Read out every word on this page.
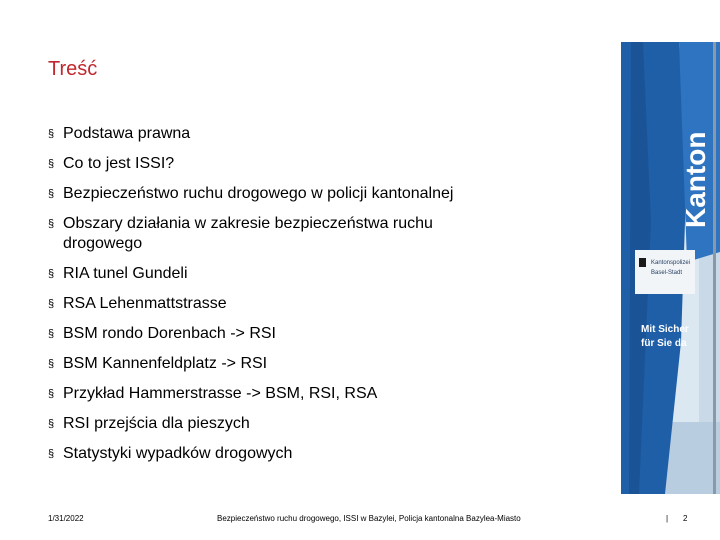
Treść
§ Podstawa prawna
§ Co to jest ISSI?
§ Bezpieczeństwo ruchu drogowego w policji kantonalnej
§ Obszary działania w zakresie bezpieczeństwa ruchu drogowego
§ RIA tunel Gundeli
§ RSA Lehenmattstrasse
§ BSM rondo Dorenbach -> RSI
§ BSM Kannenfeldplatz -> RSI
§ Przykład Hammerstrasse -> BSM, RSI, RSA
§ RSI przejścia dla pieszych
§ Statystyki wypadków drogowych
Kantonspolizei
Basel-Stadt
Mit Sicher
für Sie da
Kanton
1/31/2022	Bezpieczeństwo ruchu drogowego, ISSI w Bazylei, Policja kantonalna Bazylea-Miasto	| 2
